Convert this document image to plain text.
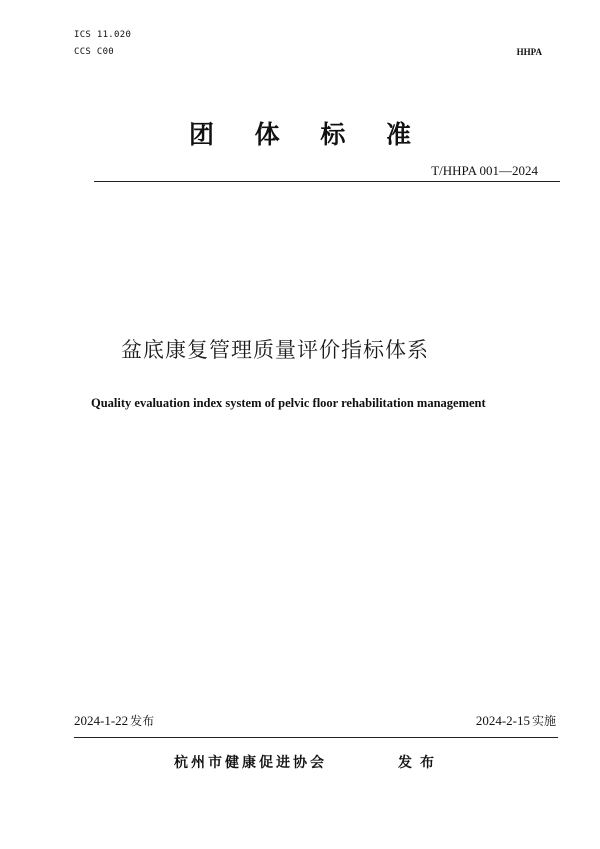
ICS 11.020
CCS C00	HHPA
团 体 标 准
T/HHPA 001—2024
盆底康复管理质量评价指标体系
Quality evaluation index system of pelvic floor rehabilitation management
2024-1-22 发布	2024-2-15 实施
杭州市健康促进协会	发布
